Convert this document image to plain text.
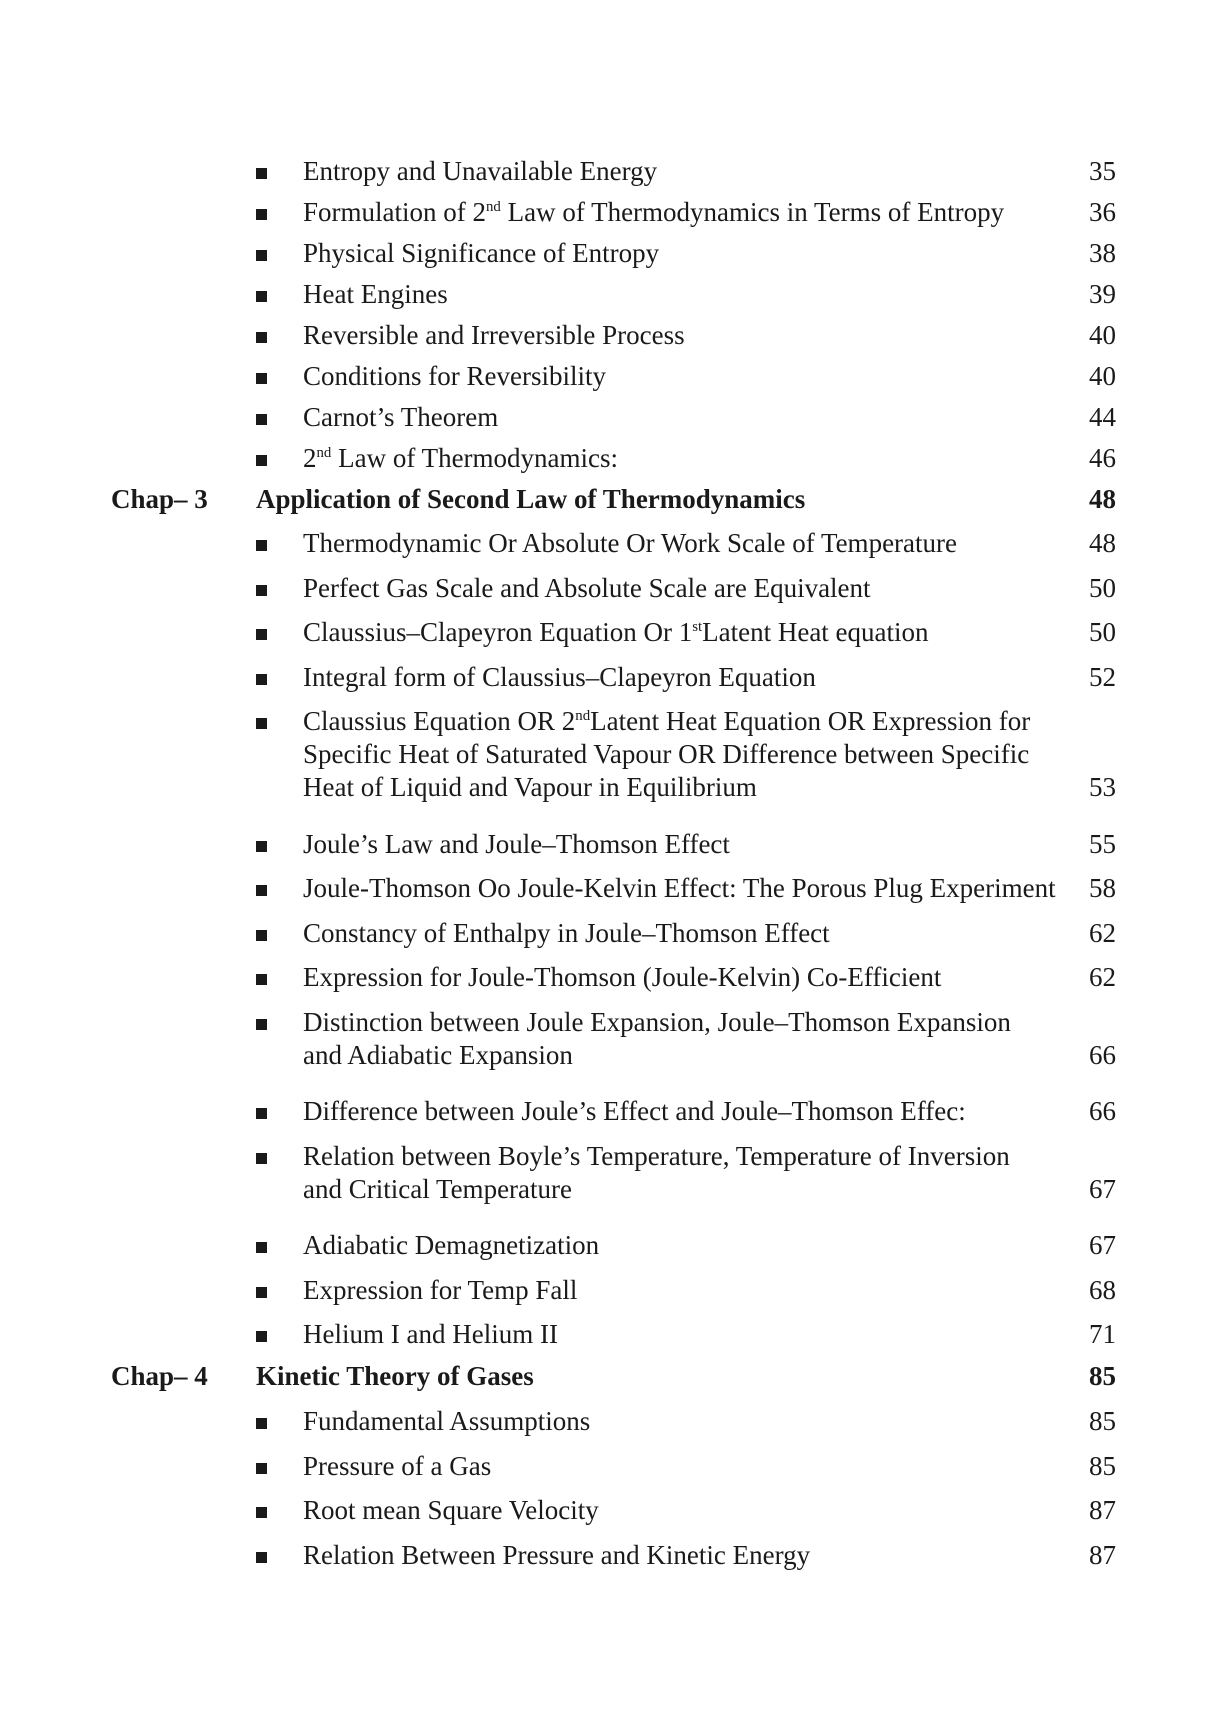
Entropy and Unavailable Energy	35
Formulation of 2nd Law of Thermodynamics in Terms of Entropy	36
Physical Significance of Entropy	38
Heat Engines	39
Reversible and Irreversible Process	40
Conditions for Reversibility	40
Carnot’s Theorem	44
2nd Law of Thermodynamics:	46
Chap– 3 Application of Second Law of Thermodynamics	48
Thermodynamic Or Absolute Or Work Scale of Temperature	48
Perfect Gas Scale and Absolute Scale are Equivalent	50
Claussius–Clapeyron Equation Or 1stLatent Heat equation	50
Integral form of Claussius–Clapeyron Equation	52
Claussius Equation OR 2ndLatent Heat Equation OR Expression for
Specific Heat of Saturated Vapour OR Difference between Specific
Heat of Liquid and Vapour in Equilibrium	53
Joule’s Law and Joule–Thomson Effect	55
Joule-Thomson Oo Joule-Kelvin Effect: The Porous Plug Experiment	58
Constancy of Enthalpy in Joule–Thomson Effect	62
Expression for Joule-Thomson (Joule-Kelvin) Co-Efficient	62
Distinction between Joule Expansion, Joule–Thomson Expansion
and Adiabatic Expansion	66
Difference between Joule’s Effect and Joule–Thomson Effec:	66
Relation between Boyle’s Temperature, Temperature of Inversion
and Critical Temperature	67
Adiabatic Demagnetization	67
Expression for Temp Fall	68
Helium I and Helium II	71
Chap– 4 Kinetic Theory of Gases	85
Fundamental Assumptions	85
Pressure of a Gas	85
Root mean Square Velocity	87
Relation Between Pressure and Kinetic Energy	87
